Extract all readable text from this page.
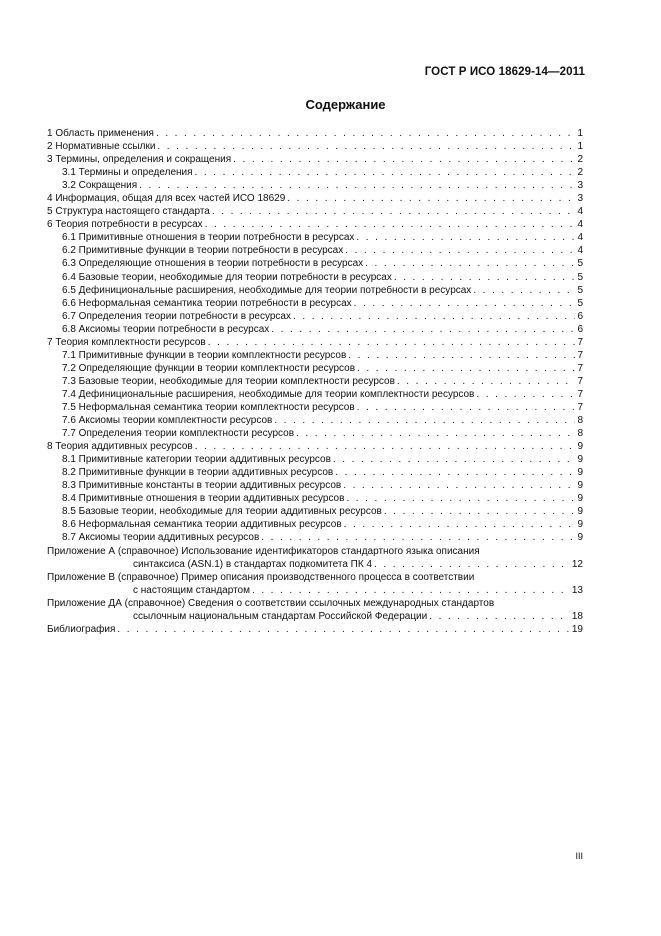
ГОСТ Р ИСО 18629-14—2011
Содержание
1 Область применения . . .	1
2 Нормативные ссылки . . .	1
3 Термины, определения и сокращения . . .	2
3.1 Термины и определения . . .	2
3.2 Сокращения . . .	3
4 Информация, общая для всех частей ИСО 18629 . . .	3
5 Структура настоящего стандарта . . .	4
6 Теория потребности в ресурсах . . .	4
6.1 Примитивные отношения в теории потребности в ресурсах . . .	4
6.2 Примитивные функции в теории потребности в ресурсах . . .	4
6.3 Определяющие отношения в теории потребности в ресурсах . . .	5
6.4 Базовые теории, необходимые для теории потребности в ресурсах . . .	5
6.5 Дефинициональные расширения, необходимые для теории потребности в ресурсах . . .	5
6.6 Неформальная семантика теории потребности в ресурсах . . .	5
6.7 Определения теории потребности в ресурсах . . .	6
6.8 Аксиомы теории потребности в ресурсах . . .	6
7 Теория комплектности ресурсов . . .	7
7.1 Примитивные функции в теории комплектности ресурсов . . .	7
7.2 Определяющие функции в теории комплектности ресурсов . . .	7
7.3 Базовые теории, необходимые для теории комплектности ресурсов . . .	7
7.4 Дефинициональные расширения, необходимые для теории комплектности ресурсов . . .	7
7.5 Неформальная семантика теории комплектности ресурсов . . .	7
7.6 Аксиомы теории комплектности ресурсов . . .	8
7.7 Определения теории комплектности ресурсов . . .	8
8 Теория аддитивных ресурсов . . .	9
8.1 Примитивные категории теории аддитивных ресурсов . . .	9
8.2 Примитивные функции в теории аддитивных ресурсов . . .	9
8.3 Примитивные константы в теории аддитивных ресурсов . . .	9
8.4 Примитивные отношения в теории аддитивных ресурсов . . .	9
8.5 Базовые теории, необходимые для теории аддитивных ресурсов . . .	9
8.6 Неформальная семантика теории аддитивных ресурсов . . .	9
8.7 Аксиомы теории аддитивных ресурсов . . .	9
Приложение А (справочное) Использование идентификаторов стандартного языка описания
синтаксиса (ASN.1) в стандартах подкомитета ПК 4 . . .	12
Приложение В (справочное) Пример описания производственного процесса в соответствии
с настоящим стандартом . . .	13
Приложение ДА (справочное) Сведения о соответствии ссылочных международных стандартов
ссылочным национальным стандартам Российской Федерации . . .	18
Библиография . . .	19
III
